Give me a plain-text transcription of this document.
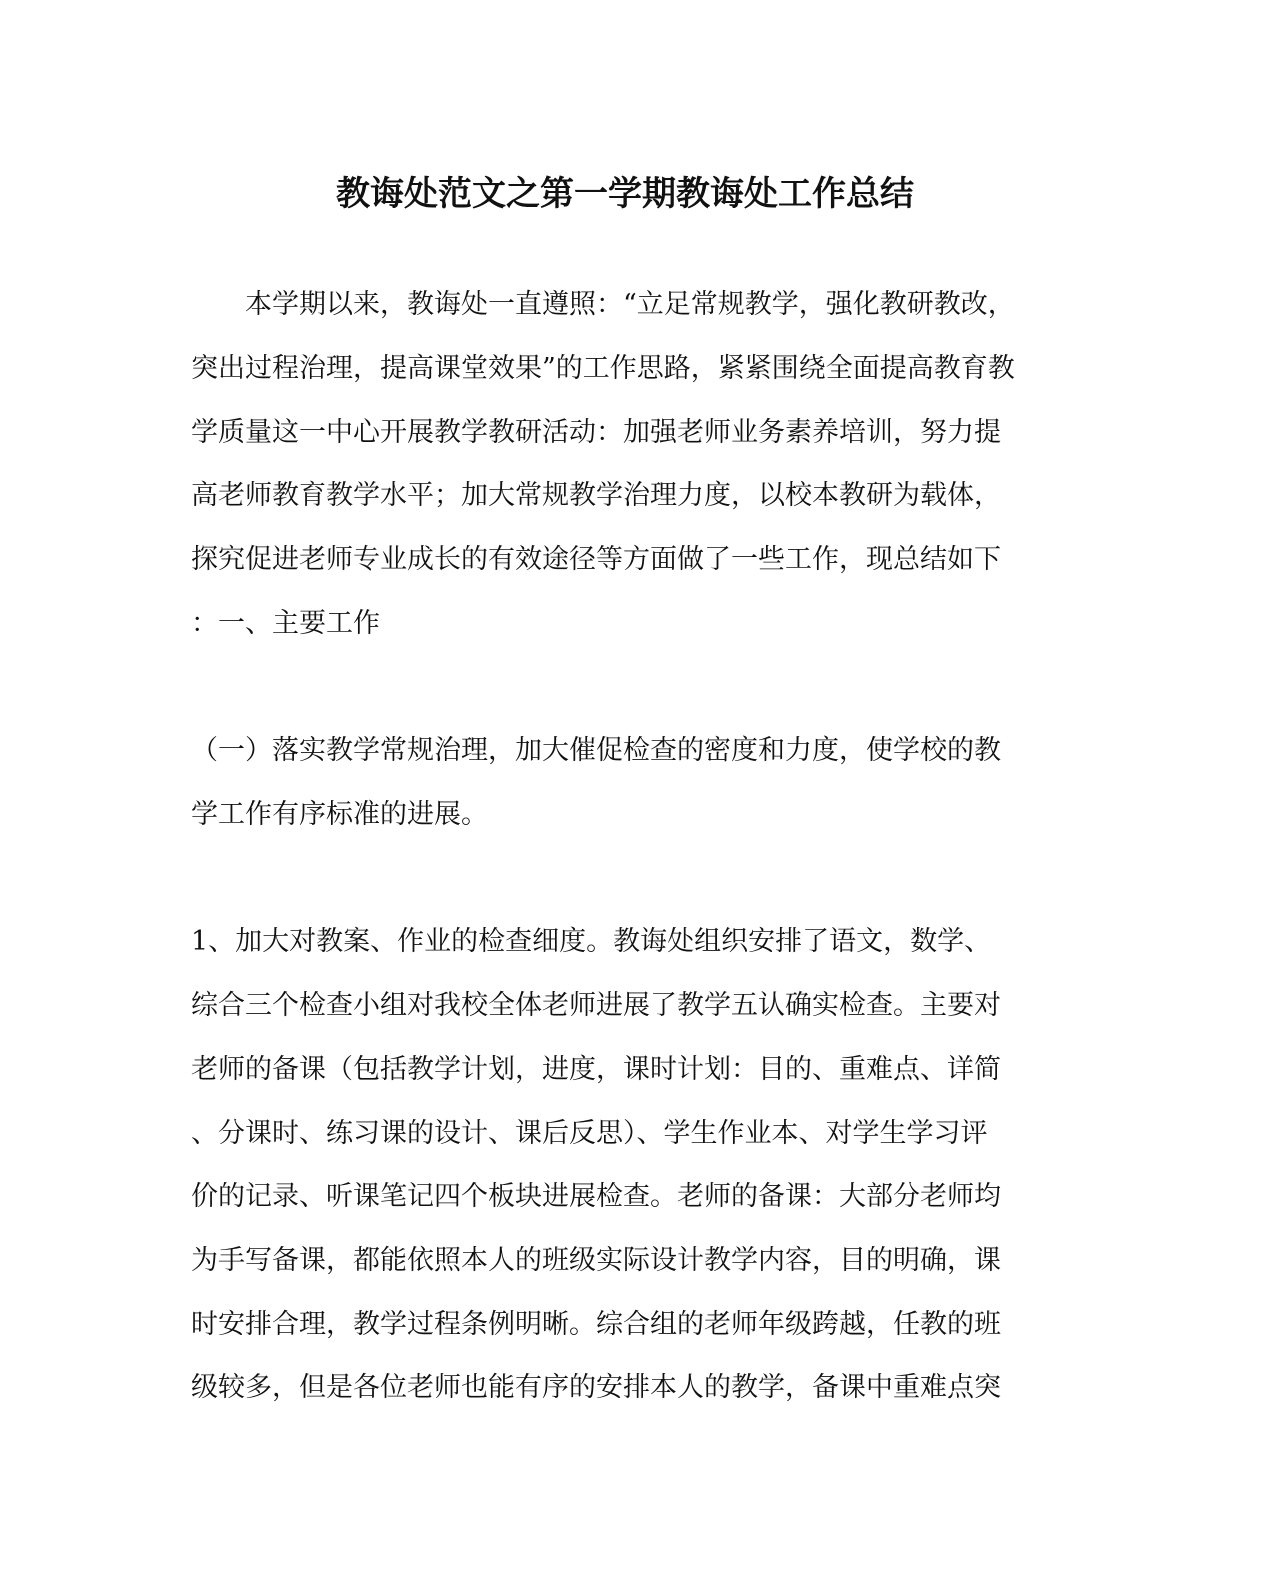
教诲处范文之第一学期教诲处工作总结

　　本学期以来，教诲处一直遵照：“立足常规教学，强化教研教改，

突出过程治理，提高课堂效果”的工作思路，紧紧围绕全面提高教育教

学质量这一中心开展教学教研活动：加强老师业务素养培训，努力提

高老师教育教学水平；加大常规教学治理力度，以校本教研为载体，

探究促进老师专业成长的有效途径等方面做了一些工作，现总结如下

：一、主要工作

（一）落实教学常规治理，加大催促检查的密度和力度，使学校的教

学工作有序标准的进展。

1、加大对教案、作业的检查细度。教诲处组织安排了语文，数学、

综合三个检查小组对我校全体老师进展了教学五认确实检查。主要对

老师的备课（包括教学计划，进度，课时计划：目的、重难点、详简

、分课时、练习课的设计、课后反思）、学生作业本、对学生学习评

价的记录、听课笔记四个板块进展检查。老师的备课：大部分老师均

为手写备课，都能依照本人的班级实际设计教学内容，目的明确，课

时安排合理，教学过程条例明晰。综合组的老师年级跨越，任教的班

级较多，但是各位老师也能有序的安排本人的教学，备课中重难点突
